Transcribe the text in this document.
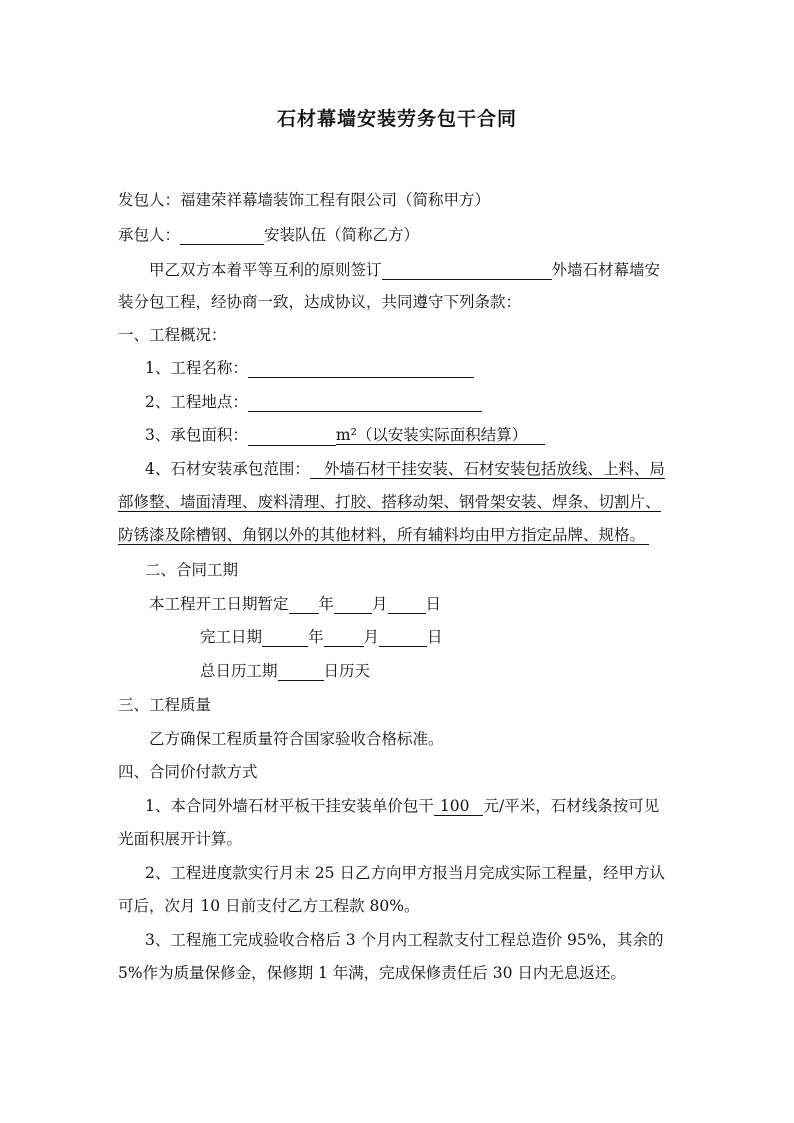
石材幕墙安装劳务包干合同
发包人：福建荣祥幕墙装饰工程有限公司（简称甲方）
承包人：	安装队伍（简称乙方）
甲乙双方本着平等互利的原则签订	外墙石材幕墙安
装分包工程，经协商一致，达成协议，共同遵守下列条款：
一、工程概况：
1、工程名称：
2、工程地点：
3、承包面积：	m²（以安装实际面积结算）
4、石材安装承包范围： 外墙石材干挂安装、石材安装包括放线、上料、局
部修整、墙面清理、废料清理、打胶、搭移动架、钢骨架安装、焊条、切割片、
防锈漆及除槽钢、角钢以外的其他材料，所有辅料均由甲方指定品牌、规格。
二、合同工期
本工程开工日期暂定 年 月 日
完工日期	年	月	日
总日历工期	日历天
三、工程质量
乙方确保工程质量符合国家验收合格标准。
四、合同价付款方式
1、本合同外墙石材平板干挂安装单价包干 100 元/平米，石材线条按可见
光面积展开计算。
2、工程进度款实行月末 25 日乙方向甲方报当月完成实际工程量，经甲方认
可后，次月 10 日前支付乙方工程款 80%。
3、工程施工完成验收合格后 3 个月内工程款支付工程总造价 95%，其余的
5%作为质量保修金，保修期 1 年满，完成保修责任后 30 日内无息返还。
